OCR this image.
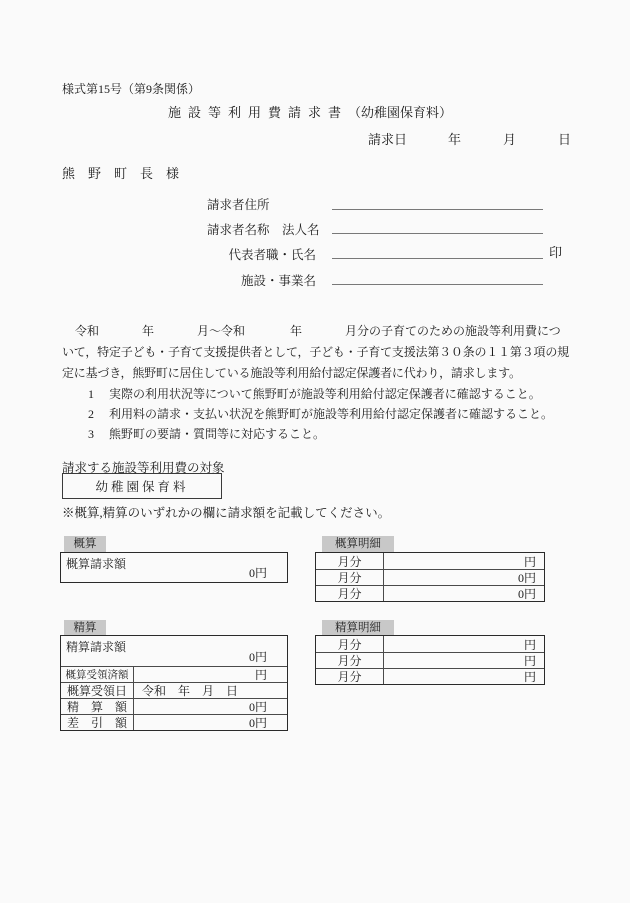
様式第15号（第9条関係）
施設等利用費請求書（幼稚園保育料）
請求日	年	月	日
熊野町長様
請求者住所
請求者名称　法人名
代表者職・氏名	印
施設・事業名
令和	年	月～令和	年	月分の子育てのための施設等利用費につ
いて，特定子ども・子育て支援提供者として，子ども・子育て支援法第３０条の１１第３項の規
定に基づき，熊野町に居住している施設等利用給付認定保護者に代わり，請求します。
1 実際の利用状況等について熊野町が施設等利用給付認定保護者に確認すること。
2 利用料の請求・支払い状況を熊野町が施設等利用給付認定保護者に確認すること。
3 熊野町の要請・質問等に対応すること。
請求する施設等利用費の対象
幼稚園保育料
※概算,精算のいずれかの欄に請求額を記載してください。
概算
概算請求額
0円
概算明細
月分	円
月分	0円
月分	0円
精算
精算請求額
0円
概算受領済額	円
概算受領日	令和　年　月　日
精　算　額	0円
差　引　額	0円
精算明細
月分	円
月分	円
月分	円
